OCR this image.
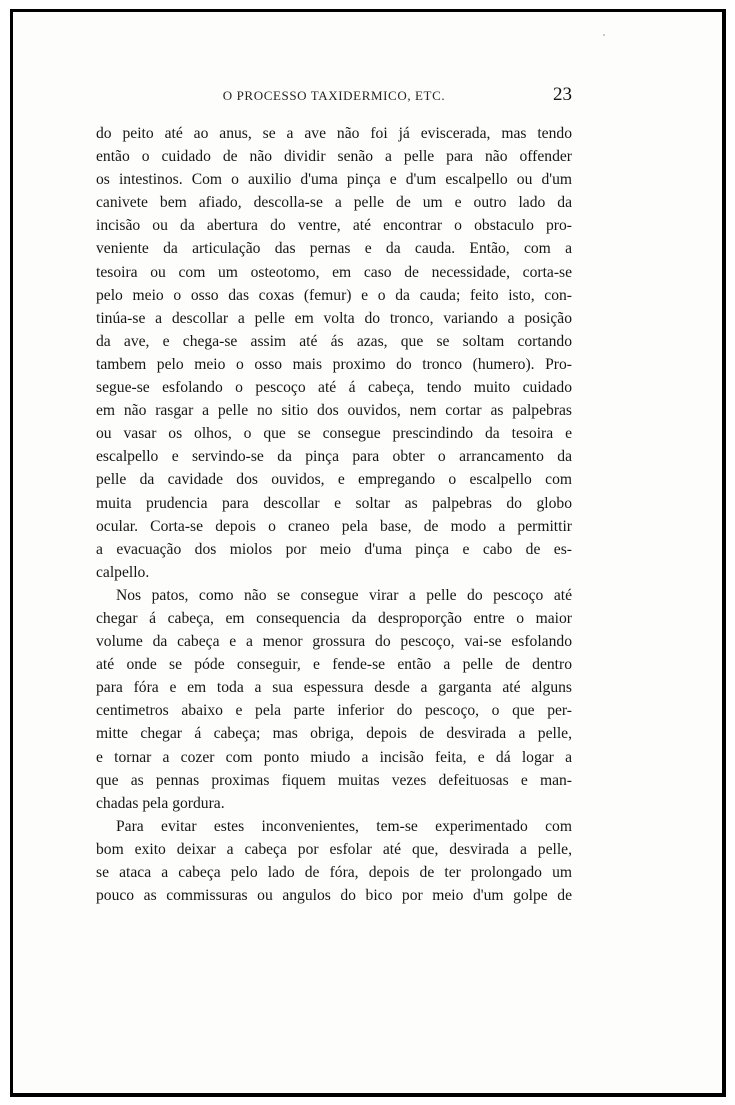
O PROCESSO TAXIDERMICO, ETC.	23
do peito até ao anus, se a ave não foi já eviscerada, mas tendo
então o cuidado de não dividir senão a pelle para não offender
os intestinos. Com o auxilio d'uma pinça e d'um escalpello ou d'um
canivete bem afiado, descolla-se a pelle de um e outro lado da
incisão ou da abertura do ventre, até encontrar o obstaculo pro-
veniente da articulação das pernas e da cauda. Então, com a
tesoira ou com um osteotomo, em caso de necessidade, corta-se
pelo meio o osso das coxas (femur) e o da cauda; feito isto, con-
tinúa-se a descollar a pelle em volta do tronco, variando a posição
da ave, e chega-se assim até ás azas, que se soltam cortando
tambem pelo meio o osso mais proximo do tronco (humero). Pro-
segue-se esfolando o pescoço até á cabeça, tendo muito cuidado
em não rasgar a pelle no sitio dos ouvidos, nem cortar as palpebras
ou vasar os olhos, o que se consegue prescindindo da tesoira e
escalpello e servindo-se da pinça para obter o arrancamento da
pelle da cavidade dos ouvidos, e empregando o escalpello com
muita prudencia para descollar e soltar as palpebras do globo
ocular. Corta-se depois o craneo pela base, de modo a permittir
a evacuação dos miolos por meio d'uma pinça e cabo de es-
calpello.
Nos patos, como não se consegue virar a pelle do pescoço até
chegar á cabeça, em consequencia da desproporção entre o maior
volume da cabeça e a menor grossura do pescoço, vai-se esfolando
até onde se póde conseguir, e fende-se então a pelle de dentro
para fóra e em toda a sua espessura desde a garganta até alguns
centimetros abaixo e pela parte inferior do pescoço, o que per-
mitte chegar á cabeça; mas obriga, depois de desvirada a pelle,
e tornar a cozer com ponto miudo a incisão feita, e dá logar a
que as pennas proximas fiquem muitas vezes defeituosas e man-
chadas pela gordura.
Para evitar estes inconvenientes, tem-se experimentado com
bom exito deixar a cabeça por esfolar até que, desvirada a pelle,
se ataca a cabeça pelo lado de fóra, depois de ter prolongado um
pouco as commissuras ou angulos do bico por meio d'um golpe de
